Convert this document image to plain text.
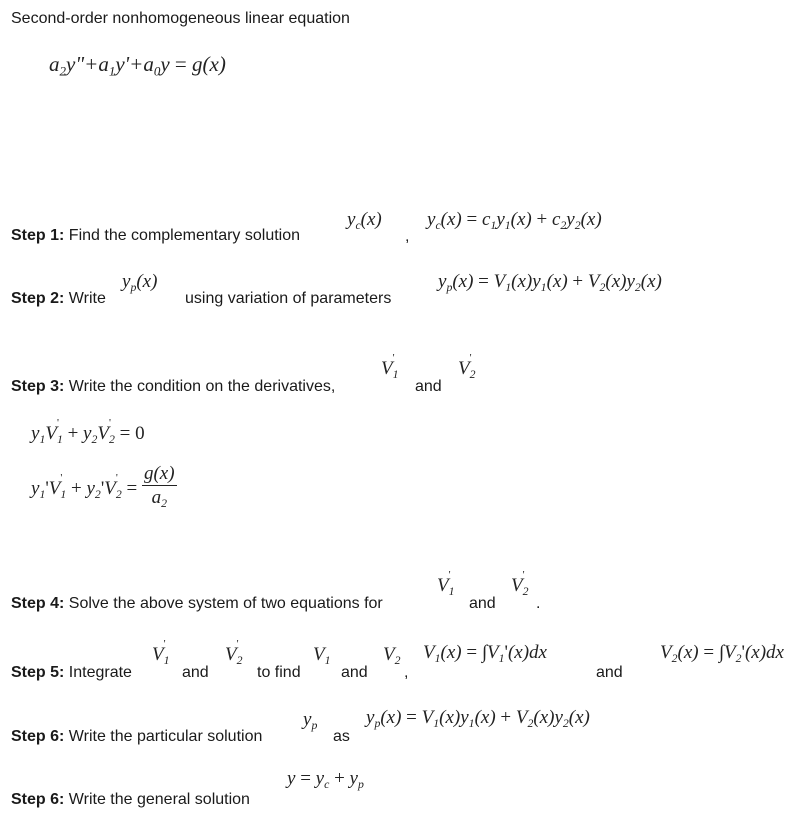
Second-order nonhomogeneous linear equation
$a_2y"+a_1y'+a_0y = g(x)$
Step 1: Find the complementary solution
$y_c(x)$
,
$y_c(x) = c_1y_1(x) + c_2y_2(x)$
Step 2: Write
$y_p(x)$
using variation of parameters
$y_p(x) = V_1(x)y_1(x) + V_2(x)y_2(x)$
Step 3: Write the condition on the derivatives,
V '
$_1$
and
V '
$_2$
$y_1V$ '
$_1 + y_2V$ '
$_2$ = 0
$y_1'V$ '
$_1 + y_2'V$ '
$_2 = \frac{g(x)}{a_2}$
Step 4: Solve the above system of two equations for
V '
$_1$
and
V '
$_2$
.
Step 5: Integrate
V '
$_1$
and
V '
$_2$
to find
$V_1$
and
$V_2$
,
$V_1(x) = \int V_1'(x)dx$
and
$V_2(x) = \int V_2'(x)dx$
Step 6: Write the particular solution
$y_p$
as
$y_p(x) = V_1(x)y_1(x) + V_2(x)y_2(x)$
Step 6: Write the general solution
$y = y_c + y_p$
